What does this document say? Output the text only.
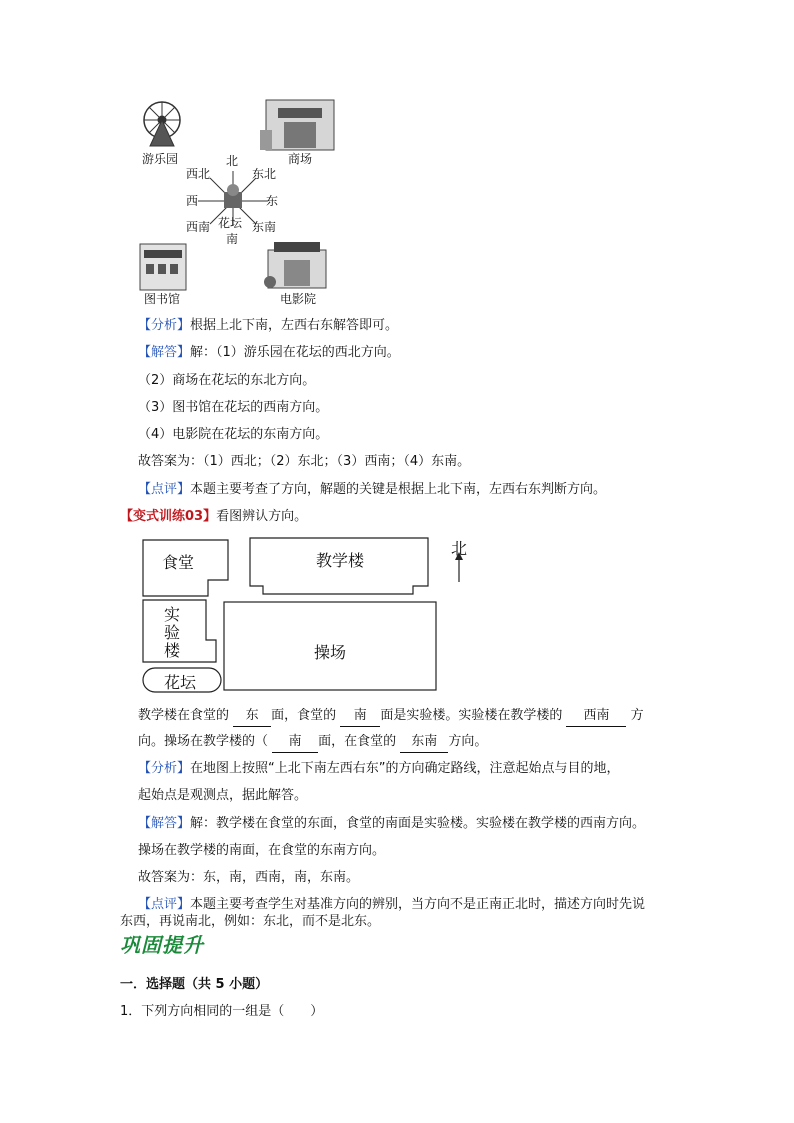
游乐园	商场
北
西北	东北
西	东
西南 花坛 东南
南
图书馆	电影院
【分析】根据上北下南，左西右东解答即可。
【解答】解：（1）游乐园在花坛的西北方向。
（2）商场在花坛的东北方向。
（3）图书馆在花坛的西南方向。
（4）电影院在花坛的东南方向。
故答案为：（1）西北；（2）东北；（3）西南；（4）东南。
【点评】本题主要考查了方向，解题的关键是根据上北下南，左西右东判断方向。
【变式训练03】看图辨认方向。
食堂	教学楼
北
实
验
楼	操场
花坛
教学楼在食堂的 东 面，食堂的 南 面是实验楼。实验楼在教学楼的 西南 方
向。操场在教学楼的（ 南 面，在食堂的 东南 方向。
【分析】在地图上按照“上北下南左西右东”的方向确定路线，注意起始点与目的地，
起始点是观测点，据此解答。
【解答】解：教学楼在食堂的东面，食堂的南面是实验楼。实验楼在教学楼的西南方向。
操场在教学楼的南面，在食堂的东南方向。
故答案为：东，南，西南，南，东南。
【点评】本题主要考查学生对基准方向的辨别，当方向不是正南正北时，描述方向时先说
东西，再说南北，例如：东北，而不是北东。
巩固提升
一．选择题（共 5 小题）
1．下列方向相同的一组是（　　）
